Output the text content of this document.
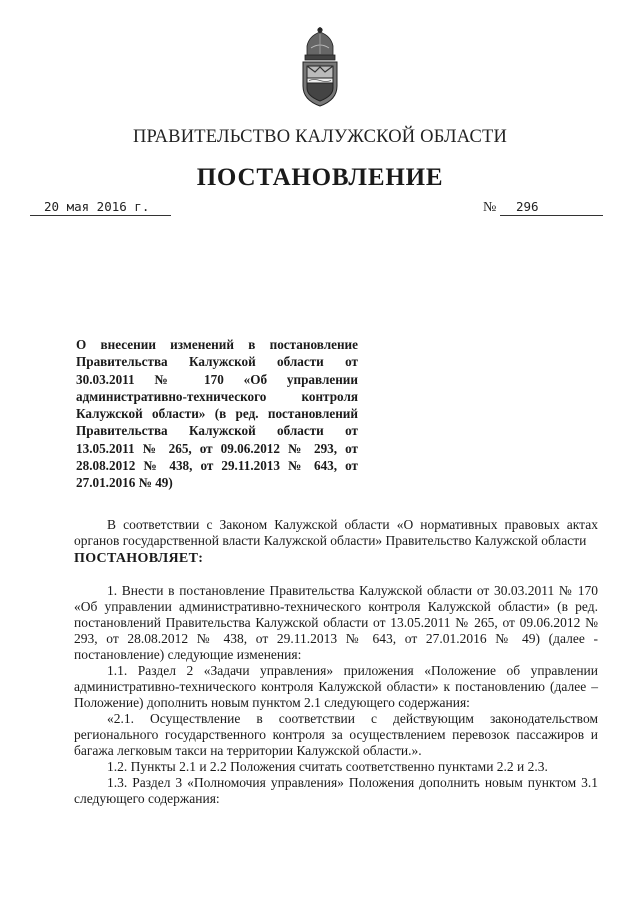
ПРАВИТЕЛЬСТВО КАЛУЖСКОЙ ОБЛАСТИ
ПОСТАНОВЛЕНИЕ
20 мая 2016 г.	№ 296
О внесении изменений в постановление Правительства Калужской области от 30.03.2011 № 170 «Об управлении административно-технического контроля Калужской области» (в ред. постановлений Правительства Калужской области от 13.05.2011 № 265, от 09.06.2012 № 293, от 28.08.2012 № 438, от 29.11.2013 № 643, от 27.01.2016 № 49)

В соответствии с Законом Калужской области «О нормативных правовых актах органов государственной власти Калужской области» Правительство Калужской области

ПОСТАНОВЛЯЕТ:

1. Внести в постановление Правительства Калужской области от 30.03.2011 № 170 «Об управлении административно-технического контроля Калужской области» (в ред. постановлений Правительства Калужской области от 13.05.2011 № 265, от 09.06.2012 № 293, от 28.08.2012 № 438, от 29.11.2013 № 643, от 27.01.2016 № 49) (далее - постановление) следующие изменения:

1.1. Раздел 2 «Задачи управления» приложения «Положение об управлении административно-технического контроля Калужской области» к постановлению (далее – Положение) дополнить новым пунктом 2.1 следующего содержания:

«2.1. Осуществление в соответствии с действующим законодательством регионального государственного контроля за осуществлением перевозок пассажиров и багажа легковым такси на территории Калужской области.».

1.2. Пункты 2.1 и 2.2 Положения считать соответственно пунктами 2.2 и 2.3.

1.3. Раздел 3 «Полномочия управления» Положения дополнить новым пунктом 3.1 следующего содержания:
